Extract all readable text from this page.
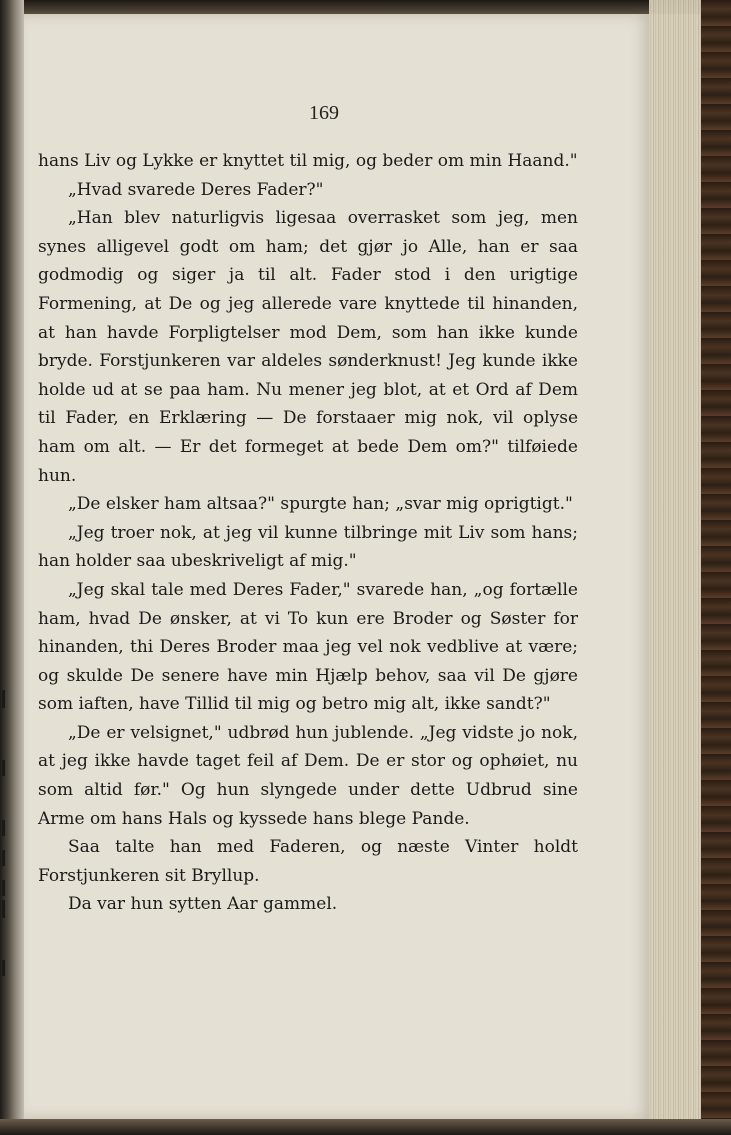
169

hans Liv og Lykke er knyttet til mig, og beder om min Haand."

„Hvad svarede Deres Fader?"

„Han blev naturligvis ligesaa overrasket som jeg, men synes alligevel godt om ham; det gjør jo Alle, han er saa godmodig og siger ja til alt. Fader stod i den urigtige Formening, at De og jeg allerede vare knyttede til hinanden, at han havde Forpligtelser mod Dem, som han ikke kunde bryde. Forstjunkeren var aldeles sønderknust! Jeg kunde ikke holde ud at se paa ham. Nu mener jeg blot, at et Ord af Dem til Fader, en Erklæring — De forstaaer mig nok, vil oplyse ham om alt. — Er det formeget at bede Dem om?" tilføiede hun.

„De elsker ham altsaa?" spurgte han; „svar mig oprigtigt."

„Jeg troer nok, at jeg vil kunne tilbringe mit Liv som hans; han holder saa ubeskriveligt af mig."

„Jeg skal tale med Deres Fader," svarede han, „og fortælle ham, hvad De ønsker, at vi To kun ere Broder og Søster for hinanden, thi Deres Broder maa jeg vel nok vedblive at være; og skulde De senere have min Hjælp behov, saa vil De gjøre som iaften, have Tillid til mig og betro mig alt, ikke sandt?"

„De er velsignet," udbrød hun jublende. „Jeg vidste jo nok, at jeg ikke havde taget feil af Dem. De er stor og ophøiet, nu som altid før." Og hun slyngede under dette Udbrud sine Arme om hans Hals og kyssede hans blege Pande.

Saa talte han med Faderen, og næste Vinter holdt Forstjunkeren sit Bryllup.

Da var hun sytten Aar gammel.
